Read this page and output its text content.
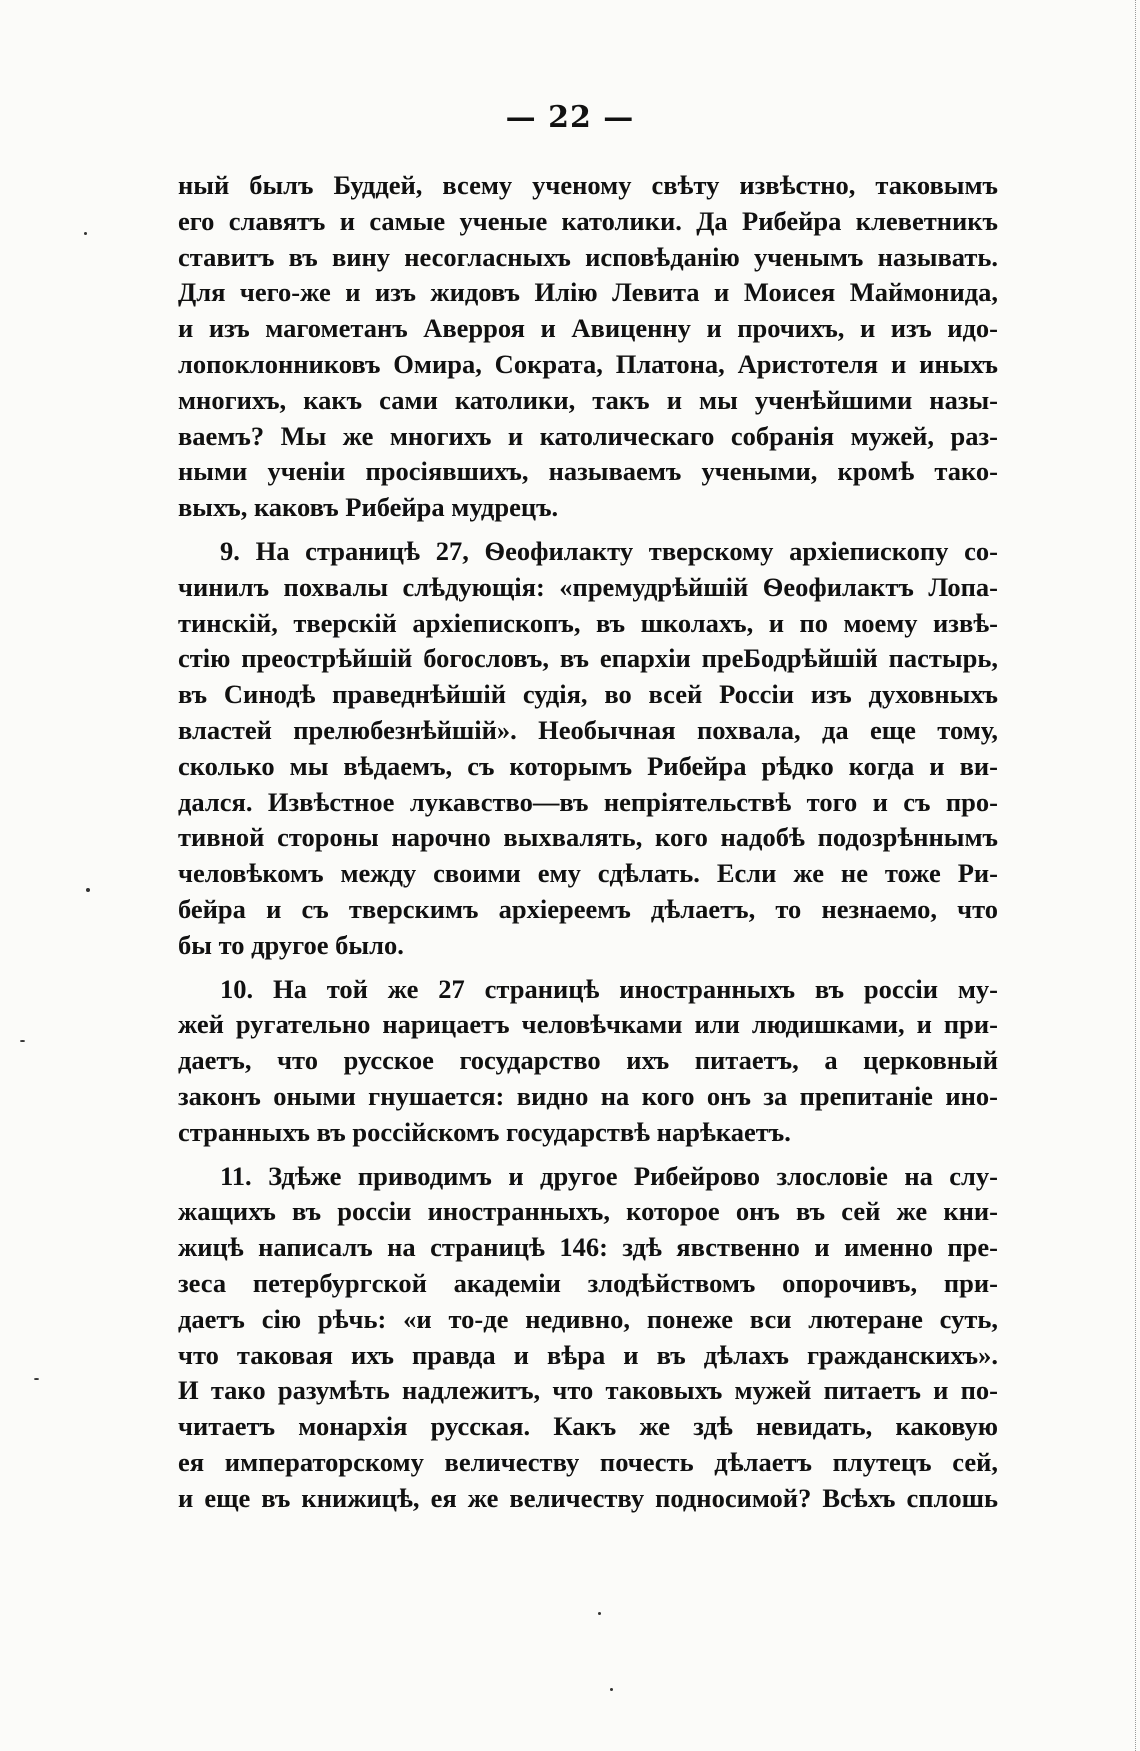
— 22 —
ный былъ Буддей, всему ученому свѣту извѣстно, таковымъ
его славятъ и самые ученые католики. Да Рибейра клеветникъ
ставитъ въ вину несогласныхъ исповѣданію ученымъ называть.
Для чего-же и изъ жидовъ Илію Левита и Моисея Маймонида,
и изъ магометанъ Аверроя и Авиценну и прочихъ, и изъ идо-
лопоклонниковъ Омира, Сократа, Платона, Аристотеля и иныхъ
многихъ, какъ сами католики, такъ и мы ученѣйшими назы-
ваемъ? Мы же многихъ и католическаго собранія мужей, раз-
ными ученіи просіявшихъ, называемъ учеными, кромѣ тако-
выхъ, каковъ Рибейра мудрецъ.
9. На страницѣ 27, Ѳеофилакту тверскому архіепископу со-
чинилъ похвалы слѣдующія: «премудрѣйшій Ѳеофилактъ Лопа-
тинскій, тверскій архіепископъ, въ школахъ, и по моему извѣ-
стію преострѣйшій богословъ, въ епархіи преБодрѣйшій пастырь,
въ Синодѣ праведнѣйшій судія, во всей Россіи изъ духовныхъ
властей прелюбезнѣйшій». Необычная похвала, да еще тому,
сколько мы вѣдаемъ, съ которымъ Рибейра рѣдко когда и ви-
дался. Извѣстное лукавство—въ непріятельствѣ того и съ про-
тивной стороны нарочно выхвалять, кого надобѣ подозрѣннымъ
человѣкомъ между своими ему сдѣлать. Если же не тоже Ри-
бейра и съ тверскимъ архіереемъ дѣлаетъ, то незнаемо, что
бы то другое было.
10. На той же 27 страницѣ иностранныхъ въ россіи му-
жей ругательно нарицаетъ человѣчками или людишками, и при-
даетъ, что русское государство ихъ питаетъ, а церковный
законъ оными гнушается: видно на кого онъ за препитаніе ино-
странныхъ въ россійскомъ государствѣ нарѣкаетъ.
11. Здѣже приводимъ и другое Рибейрово злословіе на слу-
жащихъ въ россіи иностранныхъ, которое онъ въ сей же кни-
жицѣ написалъ на страницѣ 146: здѣ явственно и именно пре-
зеса петербургской академіи злодѣйствомъ опорочивъ, при-
даетъ сію рѣчь: «и то-де недивно, понеже вси лютеране суть,
что таковая ихъ правда и вѣра и въ дѣлахъ гражданскихъ».
И тако разумѣть надлежитъ, что таковыхъ мужей питаетъ и по-
читаетъ монархія русская. Какъ же здѣ невидать, каковую
ея императорскому величеству почесть дѣлаетъ плутецъ сей,
и еще въ книжицѣ, ея же величеству подносимой? Всѣхъ сплошь
